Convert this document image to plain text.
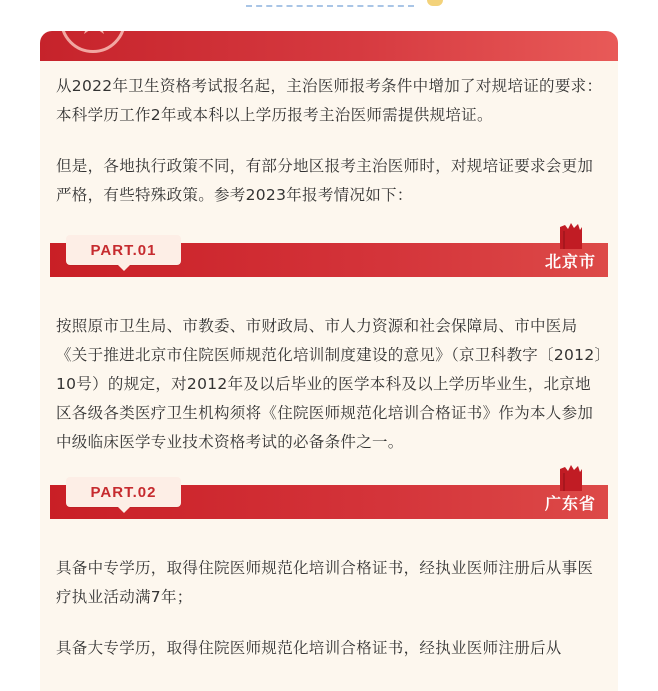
从2022年卫生资格考试报名起，主治医师报考条件中增加了对规培证的要求：本科学历工作2年或本科以上学历报考主治医师需提供规培证。

但是，各地执行政策不同，有部分地区报考主治医师时，对规培证要求会更加严格，有些特殊政策。参考2023年报考情况如下：

PART.01
北京市

按照原市卫生局、市教委、市财政局、市人力资源和社会保障局、市中医局《关于推进北京市住院医师规范化培训制度建设的意见》（京卫科教字〔2012〕10号）的规定，对2012年及以后毕业的医学本科及以上学历毕业生，北京地区各级各类医疗卫生机构须将《住院医师规范化培训合格证书》作为本人参加中级临床医学专业技术资格考试的必备条件之一。

PART.02
广东省

具备中专学历，取得住院医师规范化培训合格证书，经执业医师注册后从事医疗执业活动满7年；

具备大专学历，取得住院医师规范化培训合格证书，经执业医师注册后从
